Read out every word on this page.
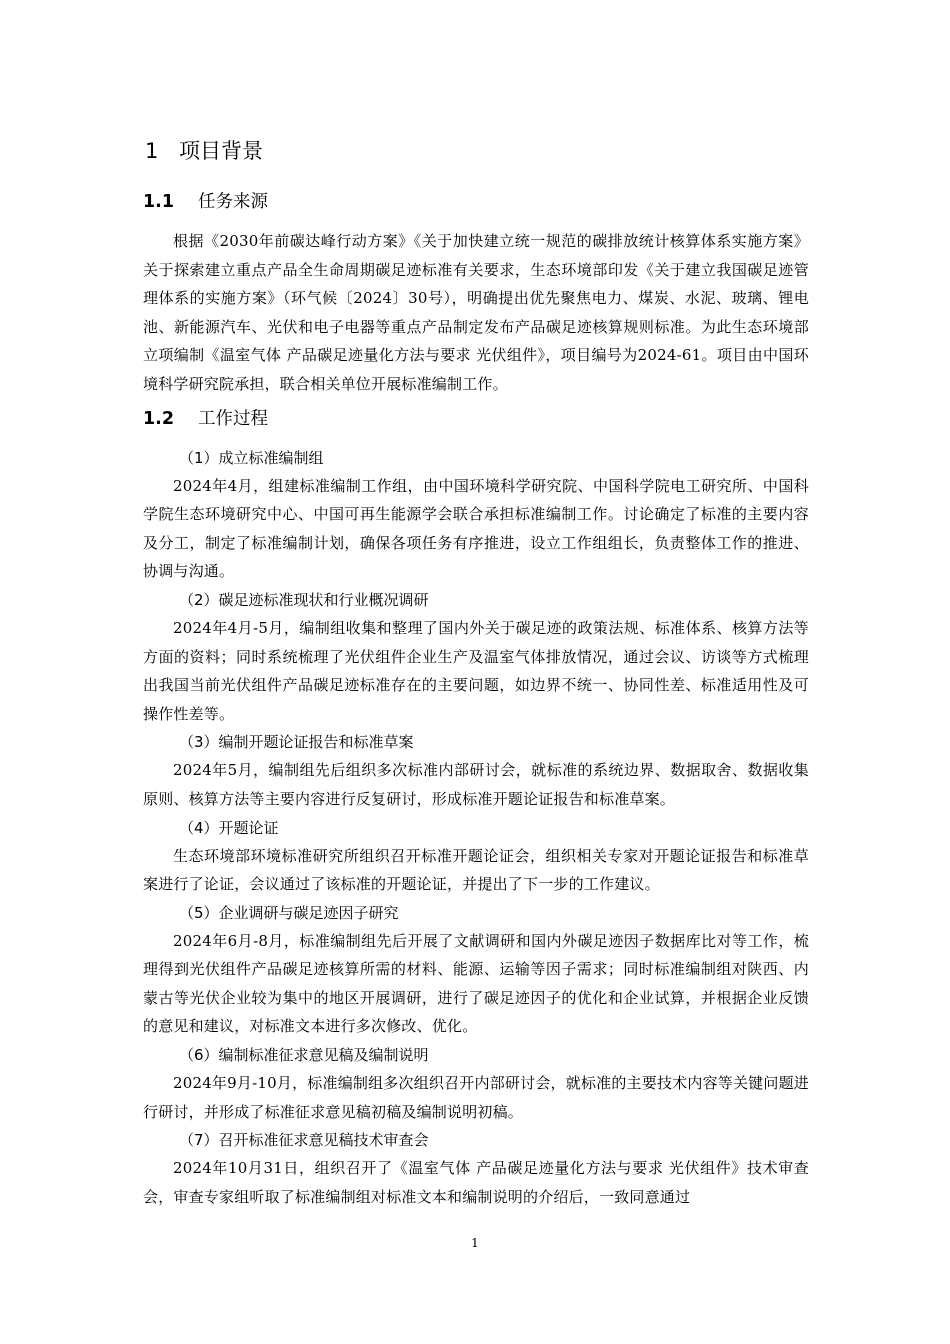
1 项目背景
1.1	任务来源

根据《2030年前碳达峰行动方案》《关于加快建立统一规范的碳排放统计核算体系实施方案》关于探索建立重点产品全生命周期碳足迹标准有关要求，生态环境部印发《关于建立我国碳足迹管理体系的实施方案》（环气候〔2024〕30号），明确提出优先聚焦电力、煤炭、水泥、玻璃、锂电池、新能源汽车、光伏和电子电器等重点产品制定发布产品碳足迹核算规则标准。为此生态环境部立项编制《温室气体 产品碳足迹量化方法与要求 光伏组件》，项目编号为2024-61。项目由中国环境科学研究院承担，联合相关单位开展标准编制工作。

1.2	工作过程
（1）成立标准编制组

2024年4月，组建标准编制工作组，由中国环境科学研究院、中国科学院电工研究所、中国科学院生态环境研究中心、中国可再生能源学会联合承担标准编制工作。讨论确定了标准的主要内容及分工，制定了标准编制计划，确保各项任务有序推进，设立工作组组长，负责整体工作的推进、协调与沟通。

（2）碳足迹标准现状和行业概况调研

2024年4月-5月，编制组收集和整理了国内外关于碳足迹的政策法规、标准体系、核算方法等方面的资料；同时系统梳理了光伏组件企业生产及温室气体排放情况，通过会议、访谈等方式梳理出我国当前光伏组件产品碳足迹标准存在的主要问题，如边界不统一、协同性差、标准适用性及可操作性差等。

（3）编制开题论证报告和标准草案

2024年5月，编制组先后组织多次标准内部研讨会，就标准的系统边界、数据取舍、数据收集原则、核算方法等主要内容进行反复研讨，形成标准开题论证报告和标准草案。

（4）开题论证

生态环境部环境标准研究所组织召开标准开题论证会，组织相关专家对开题论证报告和标准草案进行了论证，会议通过了该标准的开题论证，并提出了下一步的工作建议。

（5）企业调研与碳足迹因子研究

2024年6月-8月，标准编制组先后开展了文献调研和国内外碳足迹因子数据库比对等工作，梳理得到光伏组件产品碳足迹核算所需的材料、能源、运输等因子需求；同时标准编制组对陕西、内蒙古等光伏企业较为集中的地区开展调研，进行了碳足迹因子的优化和企业试算，并根据企业反馈的意见和建议，对标准文本进行多次修改、优化。

（6）编制标准征求意见稿及编制说明

2024年9月-10月，标准编制组多次组织召开内部研讨会，就标准的主要技术内容等关键问题进行研讨，并形成了标准征求意见稿初稿及编制说明初稿。

（7）召开标准征求意见稿技术审查会

2024年10月31日，组织召开了《温室气体 产品碳足迹量化方法与要求 光伏组件》技术审查会，审查专家组听取了标准编制组对标准文本和编制说明的介绍后，一致同意通过

1
